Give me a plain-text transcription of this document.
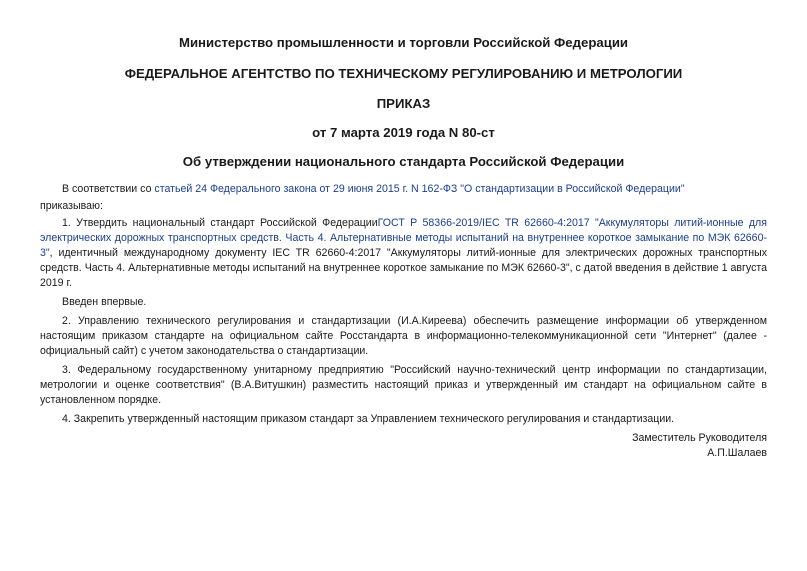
Министерство промышленности и торговли Российской Федерации

ФЕДЕРАЛЬНОЕ АГЕНТСТВО ПО ТЕХНИЧЕСКОМУ РЕГУЛИРОВАНИЮ И МЕТРОЛОГИИ

ПРИКАЗ

от 7 марта 2019 года N 80-ст

Об утверждении национального стандарта Российской Федерации

В соответствии со статьей 24 Федерального закона от 29 июня 2015 г. N 162-ФЗ "О стандартизации в Российской Федерации"

приказываю:

1. Утвердить национальный стандарт Российской ФедерацииГОСТ Р 58366-2019/IEC TR 62660-4:2017 "Аккумуляторы литий-ионные для электрических дорожных транспортных средств. Часть 4. Альтернативные методы испытаний на внутреннее короткое замыкание по МЭК 62660-3", идентичный международному документу IEC TR 62660-4:2017 "Аккумуляторы литий-ионные для электрических дорожных транспортных средств. Часть 4. Альтернативные методы испытаний на внутреннее короткое замыкание по МЭК 62660-3", с датой введения в действие 1 августа 2019 г.

Введен впервые.

2. Управлению технического регулирования и стандартизации (И.А.Киреева) обеспечить размещение информации об утвержденном настоящим приказом стандарте на официальном сайте Росстандарта в информационно-телекоммуникационной сети "Интернет" (далее - официальный сайт) с учетом законодательства о стандартизации.

3. Федеральному государственному унитарному предприятию "Российский научно-технический центр информации по стандартизации, метрологии и оценке соответствия" (В.А.Витушкин) разместить настоящий приказ и утвержденный им стандарт на официальном сайте в установленном порядке.

4. Закрепить утвержденный настоящим приказом стандарт за Управлением технического регулирования и стандартизации.

Заместитель Руководителя

А.П.Шалаев
